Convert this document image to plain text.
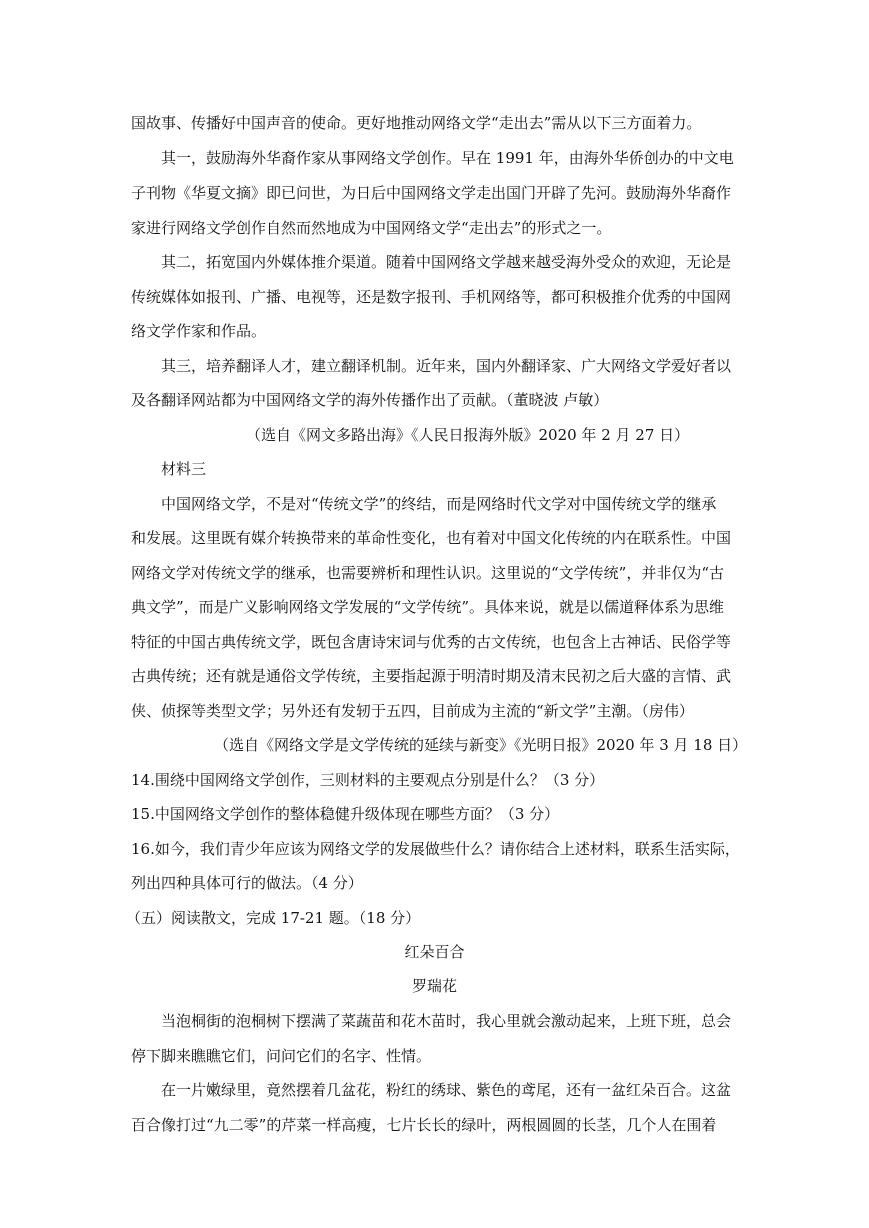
国故事、传播好中国声音的使命。更好地推动网络文学“走出去”需从以下三方面着力。
其一，鼓励海外华裔作家从事网络文学创作。早在 1991 年，由海外华侨创办的中文电
子刊物《华夏文摘》即已问世，为日后中国网络文学走出国门开辟了先河。鼓励海外华裔作
家进行网络文学创作自然而然地成为中国网络文学“走出去”的形式之一。
其二，拓宽国内外媒体推介渠道。随着中国网络文学越来越受海外受众的欢迎，无论是
传统媒体如报刊、广播、电视等，还是数字报刊、手机网络等，都可积极推介优秀的中国网
络文学作家和作品。
其三，培养翻译人才，建立翻译机制。近年来，国内外翻译家、广大网络文学爱好者以
及各翻译网站都为中国网络文学的海外传播作出了贡献。（董晓波 卢敏）
（选自《网文多路出海》《人民日报海外版》2020 年 2 月 27 日）
材料三
中国网络文学，不是对“传统文学”的终结，而是网络时代文学对中国传统文学的继承
和发展。这里既有媒介转换带来的革命性变化，也有着对中国文化传统的内在联系性。中国
网络文学对传统文学的继承，也需要辨析和理性认识。这里说的“文学传统”，并非仅为“古
典文学”，而是广义影响网络文学发展的“文学传统”。具体来说，就是以儒道释体系为思维
特征的中国古典传统文学，既包含唐诗宋词与优秀的古文传统，也包含上古神话、民俗学等
古典传统；还有就是通俗文学传统，主要指起源于明清时期及清末民初之后大盛的言情、武
侠、侦探等类型文学；另外还有发轫于五四，目前成为主流的“新文学”主潮。（房伟）
（选自《网络文学是文学传统的延续与新变》《光明日报》2020 年 3 月 18 日）
14.围绕中国网络文学创作，三则材料的主要观点分别是什么？（3 分）
15.中国网络文学创作的整体稳健升级体现在哪些方面？（3 分）
16.如今，我们青少年应该为网络文学的发展做些什么？请你结合上述材料，联系生活实际，
列出四种具体可行的做法。（4 分）
（五）阅读散文，完成 17-21 题。（18 分）
红朵百合
罗瑞花
当泡桐街的泡桐树下摆满了菜蔬苗和花木苗时，我心里就会激动起来，上班下班，总会
停下脚来瞧瞧它们，问问它们的名字、性情。
在一片嫩绿里，竟然摆着几盆花，粉红的绣球、紫色的鸢尾，还有一盆红朵百合。这盆
百合像打过“九二零”的芹菜一样高瘦，七片长长的绿叶，两根圆圆的长茎，几个人在围着
